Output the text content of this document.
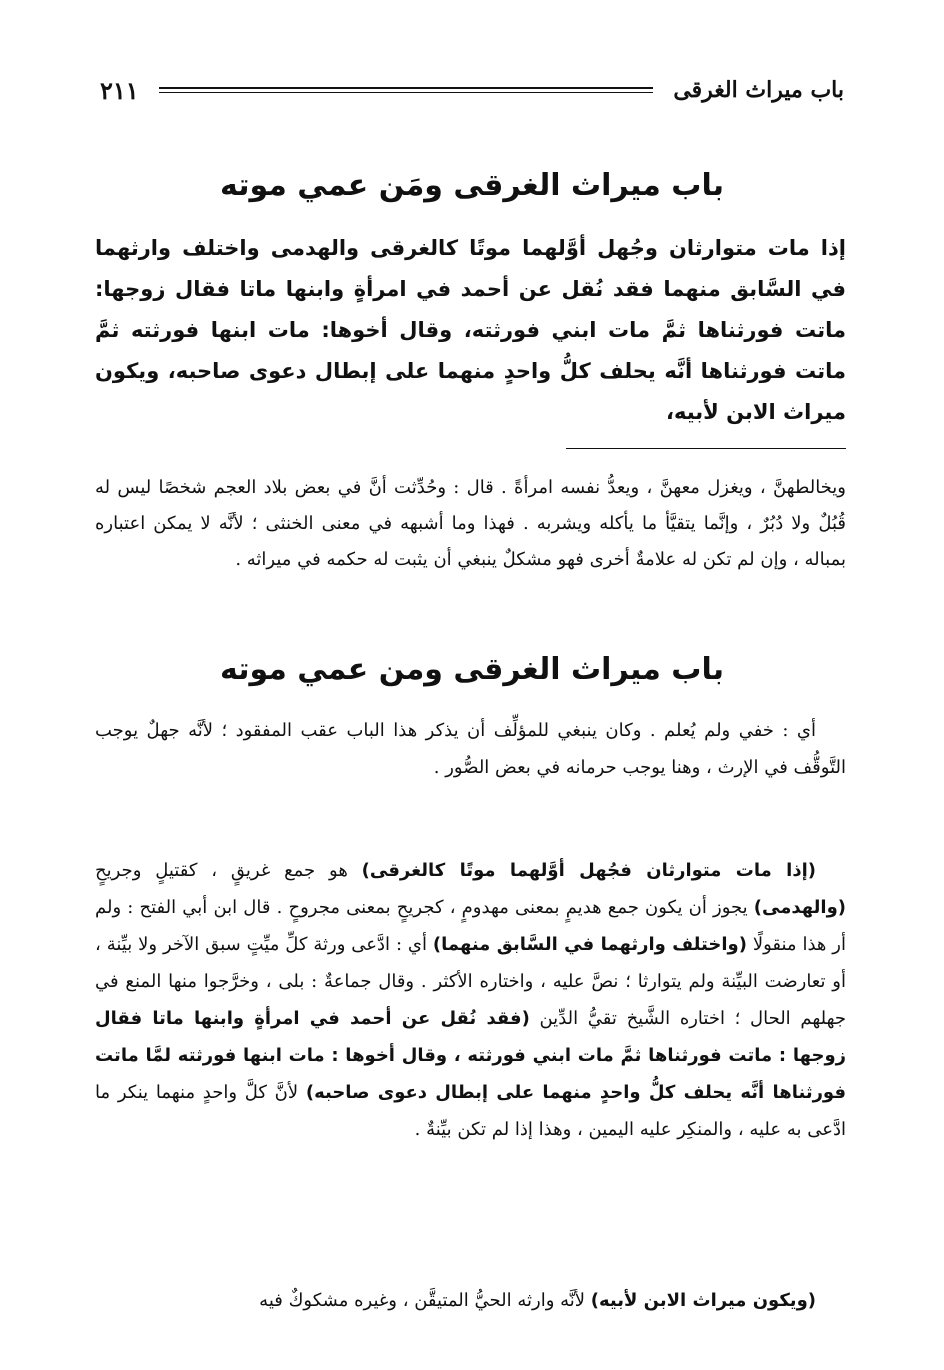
باب ميراث الغرقى
٢١١
باب ميراث الغرقى ومَن عمي موته
إذا مات متوارثان وجُهل أوَّلهما موتًا كالغرقى والهدمى واختلف وارثهما في السَّابق منهما فقد نُقل عن أحمد في امرأةٍ وابنها ماتا فقال زوجها: ماتت فورثناها ثمَّ مات ابني فورثته، وقال أخوها: مات ابنها فورثته ثمَّ ماتت فورثناها أنَّه يحلف كلُّ واحدٍ منهما على إبطال دعوى صاحبه، ويكون ميراث الابن لأبيه،
ويخالطهنَّ ، ويغزل معهنَّ ، ويعدُّ نفسه امرأةً . قال : وحُدِّثت أنَّ في بعض بلاد العجم شخصًا ليس له قُبُلٌ ولا دُبُرٌ ، وإنَّما يتقيَّأ ما يأكله ويشربه . فهذا وما أشبهه في معنى الخنثى ؛ لأنَّه لا يمكن اعتباره بمباله ، وإن لم تكن له علامةٌ أخرى فهو مشكلٌ ينبغي أن يثبت له حكمه في ميراثه .
باب ميراث الغرقى ومن عمي موته

أي : خفي ولم يُعلم . وكان ينبغي للمؤلِّف أن يذكر هذا الباب عقب المفقود ؛ لأنَّه جهلٌ يوجب التَّوقُّف في الإرث ، وهنا يوجب حرمانه في بعض الصُّور .

(إذا مات متوارثان فجُهل أوَّلهما موتًا كالغرقى) هو جمع غريقٍ ، كقتيلٍ وجريحٍ (والهدمى) يجوز أن يكون جمع هديمٍ بمعنى مهدومٍ ، كجريحٍ بمعنى مجروحٍ . قال ابن أبي الفتح : ولم أر هذا منقولًا (واختلف وارثهما في السَّابق منهما) أي : ادَّعى ورثة كلِّ ميِّتٍ سبق الآخر ولا بيِّنة ، أو تعارضت البيِّنة ولم يتوارثا ؛ نصَّ عليه ، واختاره الأكثر . وقال جماعةٌ : بلى ، وخرَّجوا منها المنع في جهلهم الحال ؛ اختاره الشَّيخ تقيُّ الدِّين (فقد نُقل عن أحمد في امرأةٍ وابنها ماتا فقال زوجها : ماتت فورثناها ثمَّ مات ابني فورثته ، وقال أخوها : مات ابنها فورثته لمَّا ماتت فورثناها أنَّه يحلف كلُّ واحدٍ منهما على إبطال دعوى صاحبه) لأنَّ كلَّ واحدٍ منهما ينكر ما ادَّعى به عليه ، والمنكِر عليه اليمين ، وهذا إذا لم تكن بيِّنةٌ .

(ويكون ميراث الابن لأبيه) لأنَّه وارثه الحيُّ المتيقَّن ، وغيره مشكوكٌ فيه
